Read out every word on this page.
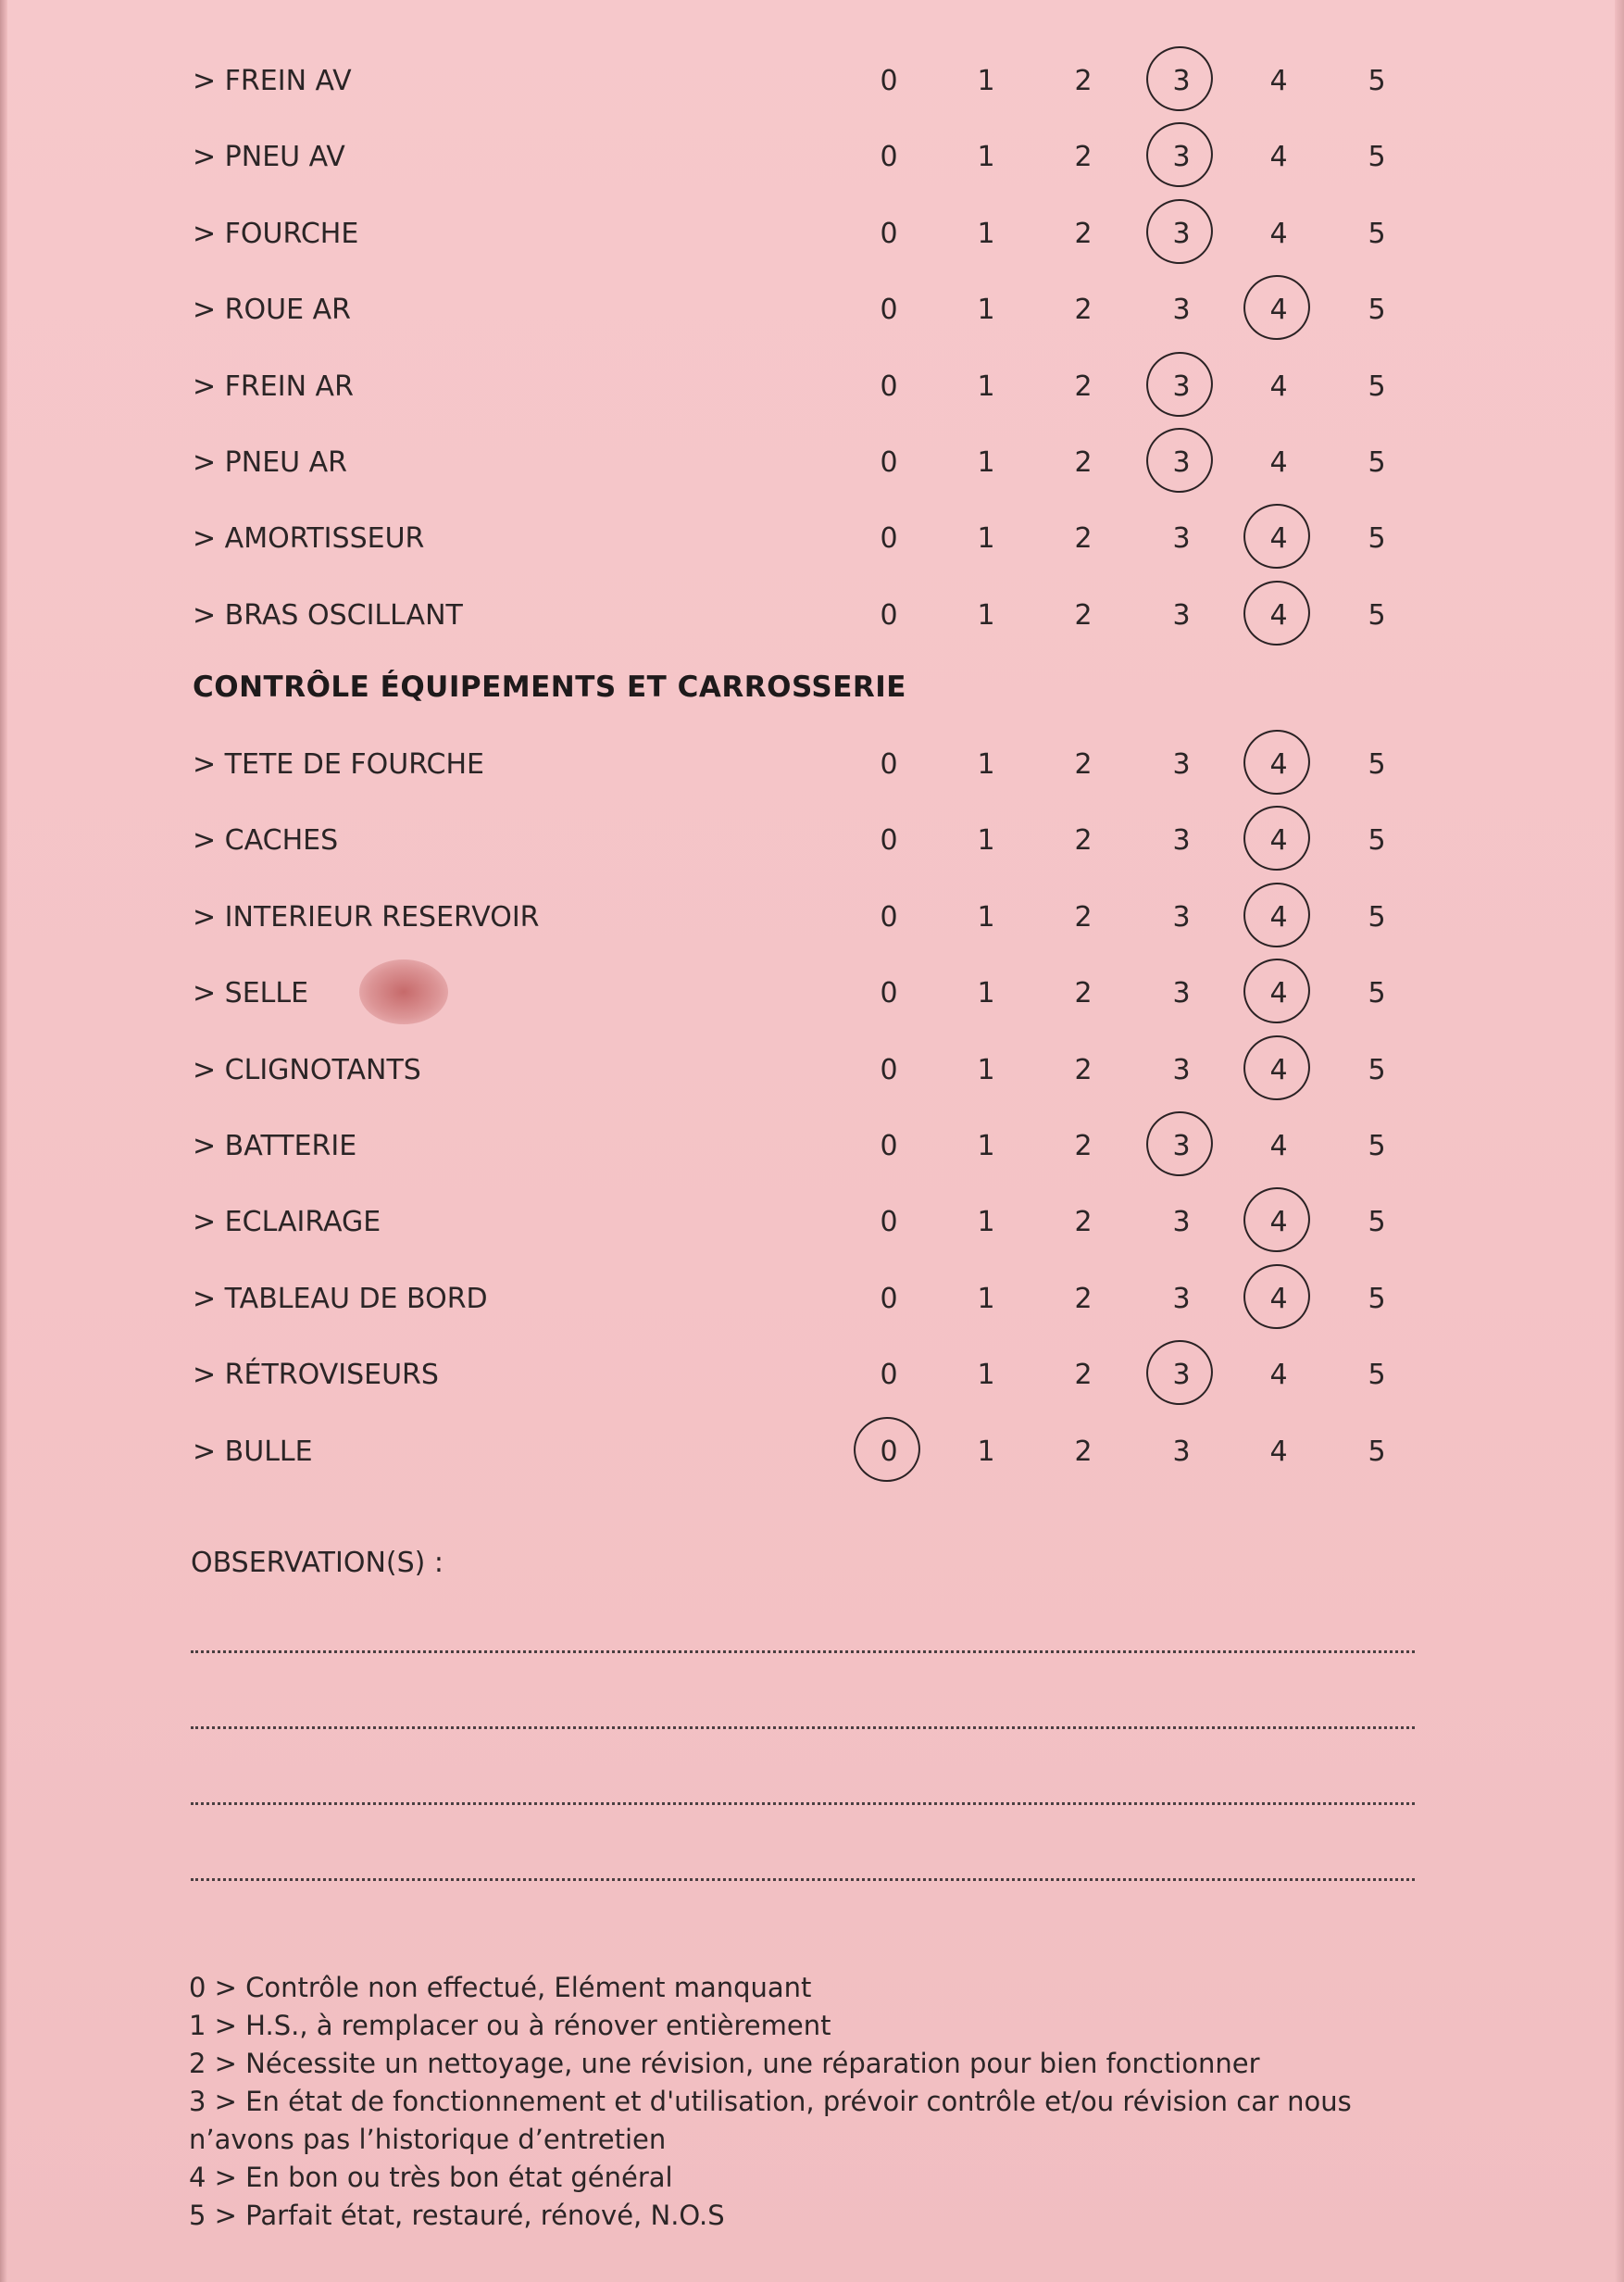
> FREIN AV	0	1	2	3	4	5
> PNEU AV	0	1	2	3	4	5
> FOURCHE	0	1	2	3	4	5
> ROUE AR	0	1	2	3	4	5
> FREIN AR	0	1	2	3	4	5
> PNEU AR	0	1	2	3	4	5
> AMORTISSEUR	0	1	2	3	4	5
> BRAS OSCILLANT	0	1	2	3	4	5
CONTRÔLE ÉQUIPEMENTS ET CARROSSERIE
> TETE DE FOURCHE	0	1	2	3	4	5
> CACHES	0	1	2	3	4	5
> INTERIEUR RESERVOIR	0	1	2	3	4	5
> SELLE	0	1	2	3	4	5
> CLIGNOTANTS	0	1	2	3	4	5
> BATTERIE	0	1	2	3	4	5
> ECLAIRAGE	0	1	2	3	4	5
> TABLEAU DE BORD	0	1	2	3	4	5
> RÉTROVISEURS	0	1	2	3	4	5
> BULLE	0	1	2	3	4	5
OBSERVATION(S) :
0 > Contrôle non effectué, Elément manquant
1 > H.S., à remplacer ou à rénover entièrement
2 > Nécessite un nettoyage, une révision, une réparation pour bien fonctionner
3 > En état de fonctionnement et d'utilisation, prévoir contrôle et/ou révision car nous n’avons pas l’historique d’entretien
4 > En bon ou très bon état général
5 > Parfait état, restauré, rénové, N.O.S
